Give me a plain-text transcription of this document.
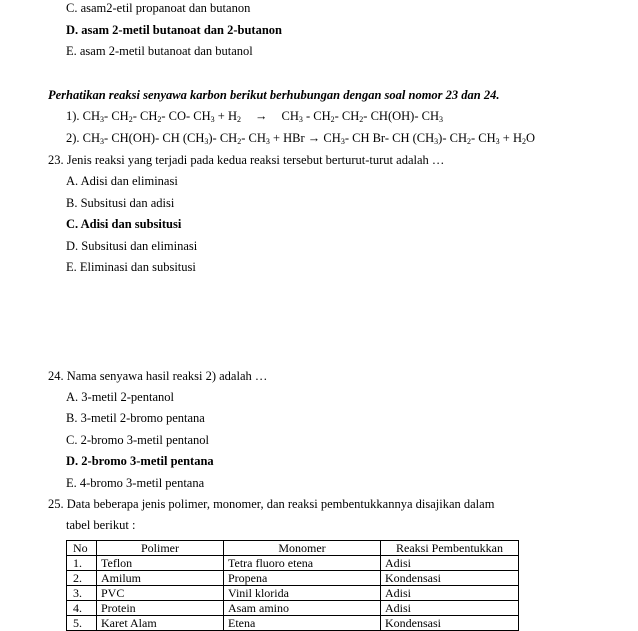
C. asam2-etil propanoat dan butanon
D. asam 2-metil butanoat dan 2-butanon
E. asam 2-metil butanoat dan butanol
Perhatikan reaksi senyawa karbon berikut berhubungan dengan soal nomor 23 dan 24.
1). $CH_3-$ $CH_2-$ $CH_2-$ CO- $CH_3 + H_2 \to CH_3 - CH_2-$ $CH_2-$ CH(OH)- $CH_3$
2). $CH_3-$ CH(OH)- CH $(CH_3)-$ $CH_2-$ $CH_3$ + HBr → $CH_3-$ CH Br- CH $(CH_3)-$ $CH_2-$ $CH_3 + H_2O$
23. Jenis reaksi yang terjadi pada kedua reaksi tersebut berturut-turut adalah …
A. Adisi dan eliminasi
B. Subsitusi dan adisi
C. Adisi dan subsitusi
D. Subsitusi dan eliminasi
E. Eliminasi dan subsitusi
24. Nama senyawa hasil reaksi 2) adalah …
A. 3-metil 2-pentanol
B. 3-metil 2-bromo pentana
C. 2-bromo 3-metil pentanol
D. 2-bromo 3-metil pentana
E. 4-bromo 3-metil pentana
25. Data beberapa jenis polimer, monomer, dan reaksi pembentukkannya disajikan dalam
tabel berikut :
No	Polimer	Monomer	Reaksi Pembentukkan
1.	Teflon	Tetra fluoro etena	Adisi
2.	Amilum	Propena	Kondensasi
3.	PVC	Vinil klorida	Adisi
4.	Protein	Asam amino	Adisi
5.	Karet Alam	Etena	Kondensasi
